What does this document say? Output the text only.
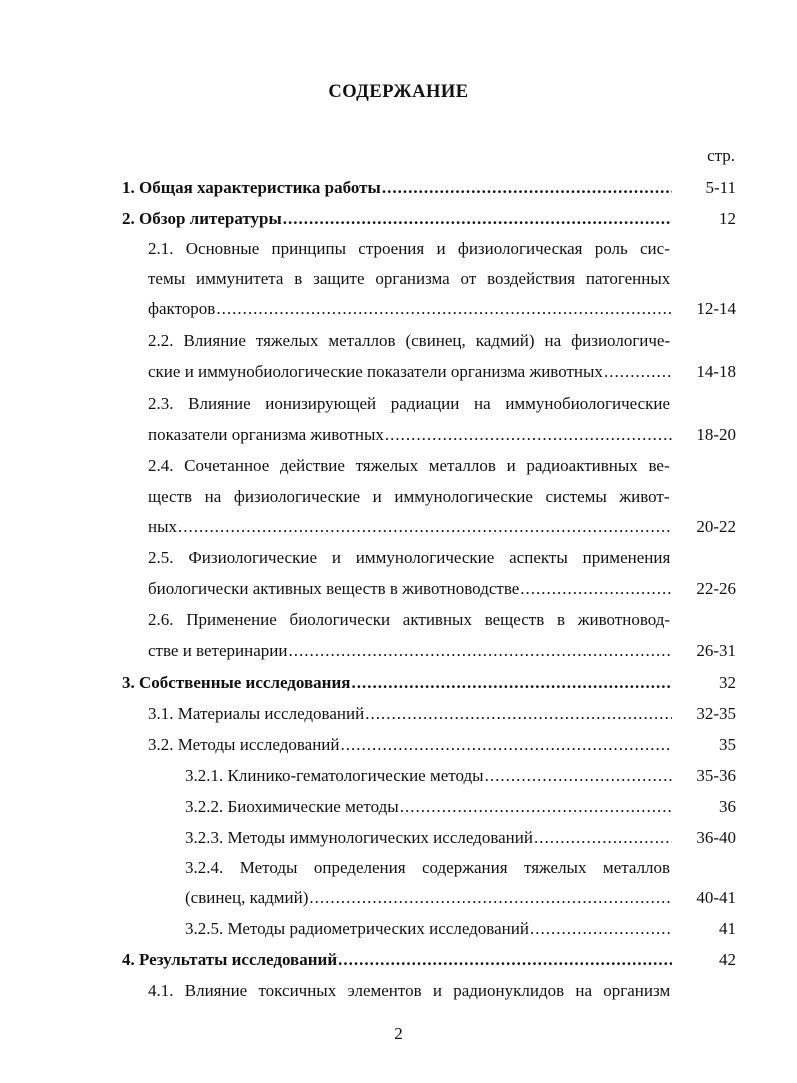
СОДЕРЖАНИЕ
стр.
1. Общая характеристика работы .....	5-11
2. Обзор литературы .....	12
2.1. Основные принципы строения и физиологическая роль сис-
темы иммунитета в защите организма от воздействия патогенных
факторов .....	12-14
2.2. Влияние тяжелых металлов (свинец, кадмий) на физиологиче-
ские и иммунобиологические показатели организма животных .....	14-18
2.3. Влияние ионизирующей радиации на иммунобиологические
показатели организма животных .....	18-20
2.4. Сочетанное действие тяжелых металлов и радиоактивных ве-
ществ на физиологические и иммунологические системы живот-
ных .....	20-22
2.5. Физиологические и иммунологические аспекты применения
биологически активных веществ в животноводстве .....	22-26
2.6. Применение биологически активных веществ в животновод-
стве и ветеринарии .....	26-31
3. Собственные исследования .....	32
3.1. Материалы исследований .....	32-35
3.2. Методы исследований .....	35
3.2.1. Клинико-гематологические методы .....	35-36
3.2.2. Биохимические методы .....	36
3.2.3. Методы иммунологических исследований .....	36-40
3.2.4. Методы определения содержания тяжелых металлов
(свинец, кадмий) .....	40-41
3.2.5. Методы радиометрических исследований .....	41
4. Результаты исследований .....	42
4.1. Влияние токсичных элементов и радионуклидов на организм
2
